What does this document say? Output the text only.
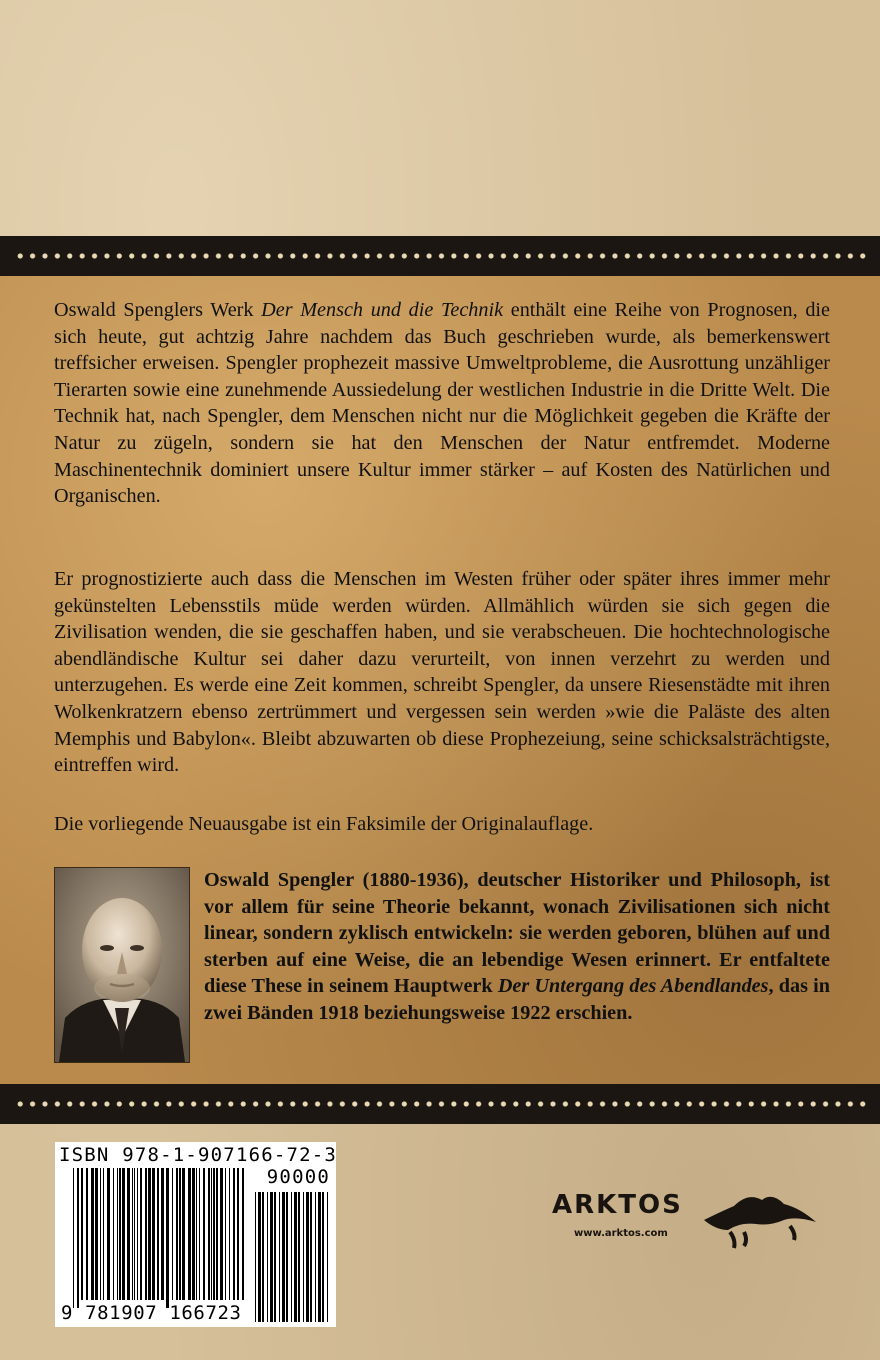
Oswald Spenglers Werk Der Mensch und die Technik enthält eine Reihe von Prognosen, die sich heute, gut achtzig Jahre nachdem das Buch geschrieben wurde, als bemerkenswert treffsicher erweisen. Spengler prophezeit massive Umweltprobleme, die Ausrottung unzähliger Tierarten sowie eine zunehmende Aussiedelung der westlichen Industrie in die Dritte Welt. Die Technik hat, nach Spengler, dem Menschen nicht nur die Möglichkeit gegeben die Kräfte der Natur zu zügeln, sondern sie hat den Menschen der Natur entfremdet. Moderne Maschinentechnik dominiert unsere Kultur immer stärker – auf Kosten des Natürlichen und Organischen.

Er prognostizierte auch dass die Menschen im Westen früher oder später ihres immer mehr gekünstelten Lebensstils müde werden würden. Allmählich würden sie sich gegen die Zivilisation wenden, die sie geschaffen haben, und sie verabscheuen. Die hochtechnologische abendländische Kultur sei daher dazu verurteilt, von innen verzehrt zu werden und unterzugehen. Es werde eine Zeit kommen, schreibt Spengler, da unsere Riesenstädte mit ihren Wolkenkratzern ebenso zertrümmert und vergessen sein werden »wie die Paläste des alten Memphis und Babylon«. Bleibt abzuwarten ob diese Prophezeiung, seine schicksalsträchtigste, eintreffen wird.

Die vorliegende Neuausgabe ist ein Faksimile der Originalauflage.

Oswald Spengler (1880-1936), deutscher Historiker und Philosoph, ist vor allem für seine Theorie bekannt, wonach Zivilisationen sich nicht linear, sondern zyklisch entwickeln: sie werden geboren, blühen auf und sterben auf eine Weise, die an lebendige Wesen erinnert. Er entfaltete diese These in seinem Hauptwerk Der Untergang des Abendlandes, das in zwei Bänden 1918 beziehungsweise 1922 erschien.

ISBN 978-1-907166-72-3
90000
9 781907 166723
ARKTOS
www.arktos.com
